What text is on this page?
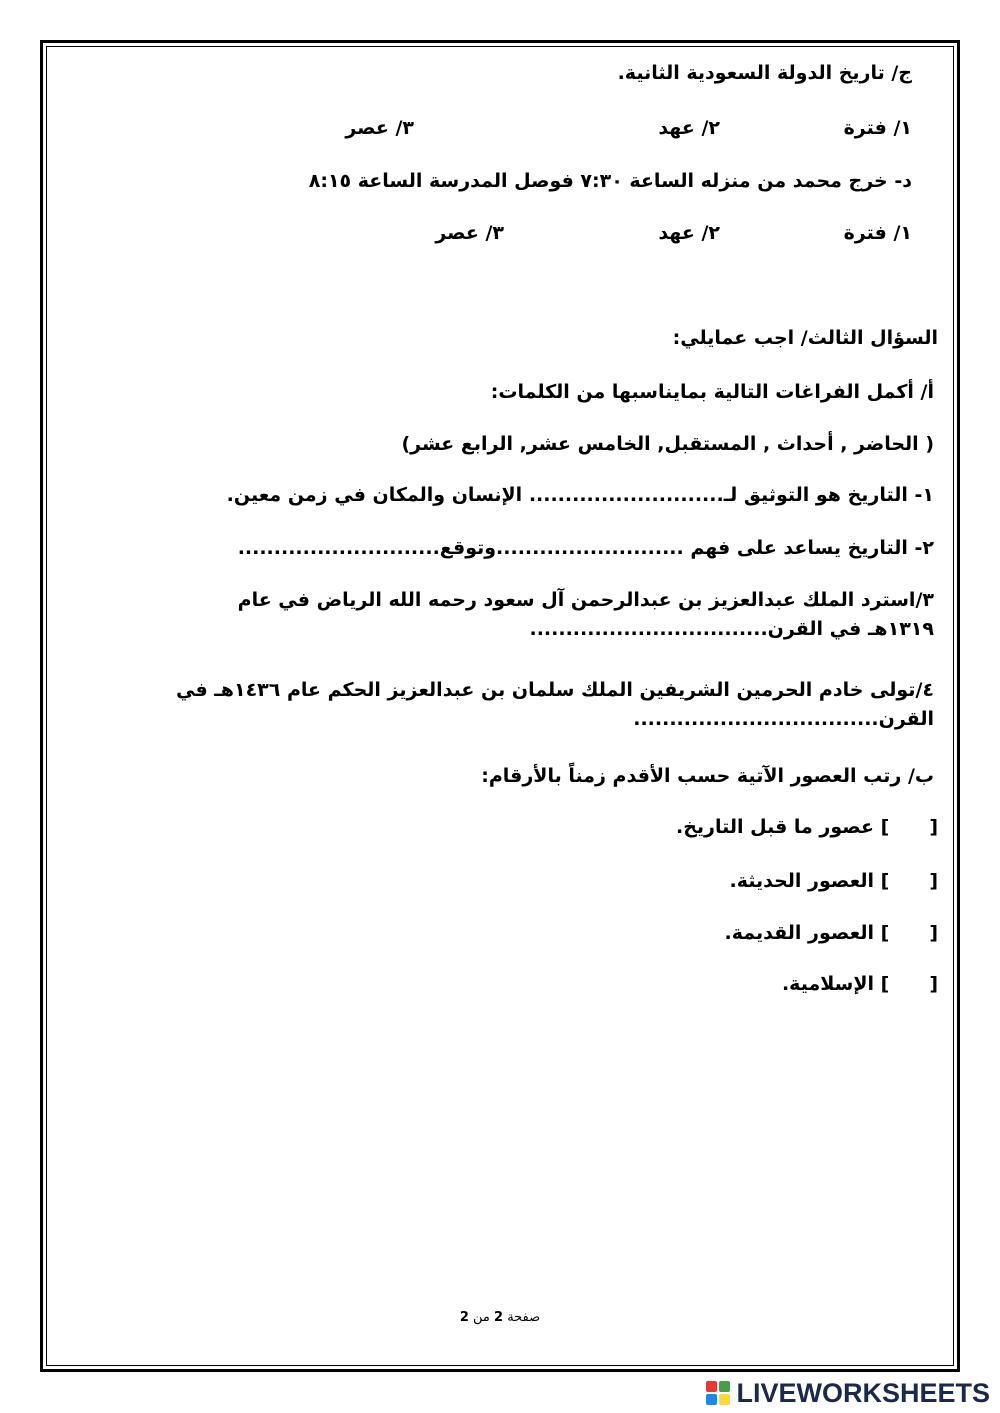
ج/ تاريخ الدولة السعودية الثانية.
١/ فترة
٢/ عهد
٣/ عصر
د- خرج محمد من منزله الساعة ٧:٣٠ فوصل المدرسة الساعة ٨:١٥
١/ فترة
٢/ عهد
٣/ عصر
السؤال الثالث/ اجب عمايلي:
أ/ أكمل الفراغات التالية بمايناسبها من الكلمات:
( الحاضر , أحداث , المستقبل, الخامس عشر, الرابع عشر)
١- التاريخ هو التوثيق لـ........................... الإنسان والمكان في زمن معين.
٢- التاريخ يساعد على فهم ..........................وتوقع............................
٣/استرد الملك عبدالعزيز بن عبدالرحمن آل سعود رحمه الله الرياض في عام ١٣١٩هـ في القرن.................................
٤/تولى خادم الحرمين الشريفين الملك سلمان بن عبدالعزيز الحكم عام ١٤٣٦هـ في القرن..................................
ب/ رتب العصور الآتية حسب الأقدم زمناً بالأرقام:
[] عصور ما قبل التاريخ.
[] العصور الحديثة.
[] العصور القديمة.
[] الإسلامية.
صفحة 2 من 2
LIVEWORKSHEETS
